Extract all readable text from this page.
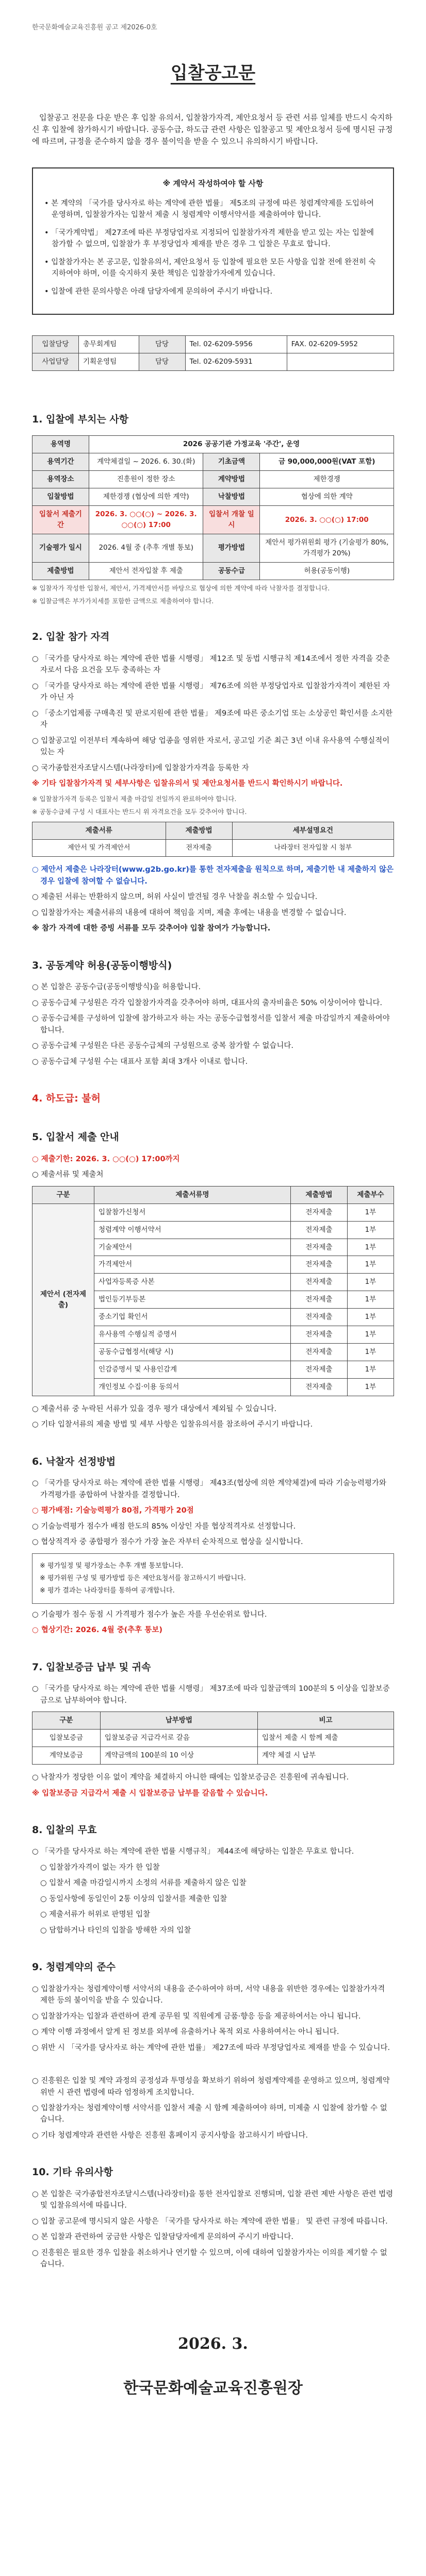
한국문화예술교육진흥원 공고 제2026-0호
입찰공고문
입찰공고 전문을 다운 받은 후 입찰 유의서, 입찰참가자격, 제안요청서 등 관련 서류 일체를 반드시 숙지하신 후 입찰에 참가하시기 바랍니다. 공동수급, 하도급 관련 사항은 입찰공고 및 제안요청서 등에 명시된 규정에 따르며, 규정을 준수하지 않을 경우 불이익을 받을 수 있으니 유의하시기 바랍니다.
※ 계약서 작성하여야 할 사항

• 본 계약의 「국가를 당사자로 하는 계약에 관한 법률」 제5조의 규정에 따른 청렴계약제를 도입하여 운영하며, 입찰참가자는 입찰서 제출 시 청렴계약 이행서약서를 제출하여야 합니다.

• 「국가계약법」 제27조에 따른 부정당업자로 지정되어 입찰참가자격 제한을 받고 있는 자는 입찰에 참가할 수 없으며, 입찰참가 후 부정당업자 제재를 받은 경우 그 입찰은 무효로 합니다.

• 입찰참가자는 본 공고문, 입찰유의서, 제안요청서 등 입찰에 필요한 모든 사항을 입찰 전에 완전히 숙지하여야 하며, 이를 숙지하지 못한 책임은 입찰참가자에게 있습니다.

• 입찰에 관한 문의사항은 아래 담당자에게 문의하여 주시기 바랍니다.

입찰담당	총무회계팀	담당	Tel. 02-6209-5956	FAX. 02-6209-5952
사업담당	기획운영팀	담당	Tel. 02-6209-5931	
1. 입찰에 부치는 사항
용역명	2026 공공기관 가정교육 '주간', 운영		
용역기간	계약체결일 ~ 2026. 6. 30.(화)	기초금액	금 90,000,000원(VAT 포함)
용역장소	진흥원이 정한 장소	계약방법	제한경쟁
입찰방법	제한경쟁 (협상에 의한 계약)	낙찰방법	협상에 의한 계약
입찰서 제출기간	2026. 3. ○○(○) ~ 2026. 3. ○○(○) 17:00	입찰서 개찰 일시	2026. 3. ○○(○) 17:00
기술평가 일시	2026. 4월 중 (추후 개별 통보)	평가방법	제안서 평가위원회 평가 (기술평가 80%, 가격평가 20%)
제출방법	제안서 전자입찰 후 제출	공동수급	허용(공동이행)
※ 입찰자가 작성한 입찰서, 제안서, 가격제안서를 바탕으로 협상에 의한 계약에 따라 낙찰자를 결정합니다.
※ 입찰금액은 부가가치세를 포함한 금액으로 제출하여야 합니다.
2. 입찰 참가 자격
○ 「국가를 당사자로 하는 계약에 관한 법률 시행령」 제12조 및 동법 시행규칙 제14조에서 정한 자격을 갖춘 자로서 다음 요건을 모두 충족하는 자
○ 「국가를 당사자로 하는 계약에 관한 법률 시행령」 제76조에 의한 부정당업자로 입찰참가자격이 제한된 자가 아닌 자
○ 「중소기업제품 구매촉진 및 판로지원에 관한 법률」 제9조에 따른 중소기업 또는 소상공인 확인서를 소지한 자
○ 입찰공고일 이전부터 계속하여 해당 업종을 영위한 자로서, 공고일 기준 최근 3년 이내 유사용역 수행실적이 있는 자
○ 국가종합전자조달시스템(나라장터)에 입찰참가자격을 등록한 자
※ 기타 입찰참가자격 및 세부사항은 입찰유의서 및 제안요청서를 반드시 확인하시기 바랍니다.
※ 입찰참가자격 등록은 입찰서 제출 마감일 전일까지 완료하여야 합니다.
※ 공동수급체 구성 시 대표사는 반드시 위 자격요건을 모두 갖추어야 합니다.
제출서류	제출방법	세부설명요건
제안서 및 가격제안서	전자제출	나라장터 전자입찰 시 첨부
○ 제안서 제출은 나라장터(www.g2b.go.kr)를 통한 전자제출을 원칙으로 하며, 제출기한 내 제출하지 않은 경우 입찰에 참여할 수 없습니다.
○ 제출된 서류는 반환하지 않으며, 허위 사실이 발견될 경우 낙찰을 취소할 수 있습니다.
○ 입찰참가자는 제출서류의 내용에 대하여 책임을 지며, 제출 후에는 내용을 변경할 수 없습니다.
※ 참가 자격에 대한 증빙 서류를 모두 갖추어야 입찰 참여가 가능합니다.
3. 공동계약 허용(공동이행방식)
○ 본 입찰은 공동수급(공동이행방식)을 허용합니다.
○ 공동수급체 구성원은 각각 입찰참가자격을 갖추어야 하며, 대표사의 출자비율은 50% 이상이어야 합니다.
○ 공동수급체를 구성하여 입찰에 참가하고자 하는 자는 공동수급협정서를 입찰서 제출 마감일까지 제출하여야 합니다.
○ 공동수급체 구성원은 다른 공동수급체의 구성원으로 중복 참가할 수 없습니다.
○ 공동수급체 구성원 수는 대표사 포함 최대 3개사 이내로 합니다.
4. 하도급: 불허
5. 입찰서 제출 안내
○ 제출기한: 2026. 3. ○○(○) 17:00까지
○ 제출서류 및 제출처
구분	제출서류명	제출방법	제출부수
제안서 (전자제출)	입찰참가신청서	전자제출	1부
	청렴계약 이행서약서	전자제출	1부
	기술제안서	전자제출	1부
	가격제안서	전자제출	1부
	사업자등록증 사본	전자제출	1부
	법인등기부등본	전자제출	1부
	중소기업 확인서	전자제출	1부
	유사용역 수행실적 증명서	전자제출	1부
	공동수급협정서(해당 시)	전자제출	1부
	인감증명서 및 사용인감계	전자제출	1부
	개인정보 수집·이용 동의서	전자제출	1부
○ 제출서류 중 누락된 서류가 있을 경우 평가 대상에서 제외될 수 있습니다.
○ 기타 입찰서류의 제출 방법 및 세부 사항은 입찰유의서를 참조하여 주시기 바랍니다.
6. 낙찰자 선정방법
○ 「국가를 당사자로 하는 계약에 관한 법률 시행령」 제43조(협상에 의한 계약체결)에 따라 기술능력평가와 가격평가를 종합하여 낙찰자를 결정합니다.
○ 평가배점: 기술능력평가 80점, 가격평가 20점
○ 기술능력평가 점수가 배점 한도의 85% 이상인 자를 협상적격자로 선정합니다.
○ 협상적격자 중 종합평가 점수가 가장 높은 자부터 순차적으로 협상을 실시합니다.

※ 평가일정 및 평가장소는 추후 개별 통보합니다.

※ 평가위원 구성 및 평가방법 등은 제안요청서를 참고하시기 바랍니다.

※ 평가 결과는 나라장터를 통하여 공개합니다.

○ 기술평가 점수 동점 시 가격평가 점수가 높은 자를 우선순위로 합니다.
○ 협상기간: 2026. 4월 중(추후 통보)
7. 입찰보증금 납부 및 귀속
○ 「국가를 당사자로 하는 계약에 관한 법률 시행령」 제37조에 따라 입찰금액의 100분의 5 이상을 입찰보증금으로 납부하여야 합니다.
구분	납부방법	비고
입찰보증금	입찰보증금 지급각서로 갈음	입찰서 제출 시 함께 제출
계약보증금	계약금액의 100분의 10 이상	계약 체결 시 납부
○ 낙찰자가 정당한 이유 없이 계약을 체결하지 아니한 때에는 입찰보증금은 진흥원에 귀속됩니다.
※ 입찰보증금 지급각서 제출 시 입찰보증금 납부를 갈음할 수 있습니다.
8. 입찰의 무효
○ 「국가를 당사자로 하는 계약에 관한 법률 시행규칙」 제44조에 해당하는 입찰은 무효로 합니다.
○ 입찰참가자격이 없는 자가 한 입찰
○ 입찰서 제출 마감일시까지 소정의 서류를 제출하지 않은 입찰
○ 동일사항에 동일인이 2통 이상의 입찰서를 제출한 입찰
○ 제출서류가 허위로 판명된 입찰
○ 담합하거나 타인의 입찰을 방해한 자의 입찰
9. 청렴계약의 준수
○ 입찰참가자는 청렴계약이행 서약서의 내용을 준수하여야 하며, 서약 내용을 위반한 경우에는 입찰참가자격 제한 등의 불이익을 받을 수 있습니다.
○ 입찰참가자는 입찰과 관련하여 관계 공무원 및 직원에게 금품·향응 등을 제공하여서는 아니 됩니다.
○ 계약 이행 과정에서 알게 된 정보를 외부에 유출하거나 목적 외로 사용하여서는 아니 됩니다.
○ 위반 시 「국가를 당사자로 하는 계약에 관한 법률」 제27조에 따라 부정당업자로 제재를 받을 수 있습니다.
○ 진흥원은 입찰 및 계약 과정의 공정성과 투명성을 확보하기 위하여 청렴계약제를 운영하고 있으며, 청렴계약 위반 시 관련 법령에 따라 엄정하게 조치합니다.
○ 입찰참가자는 청렴계약이행 서약서를 입찰서 제출 시 함께 제출하여야 하며, 미제출 시 입찰에 참가할 수 없습니다.
○ 기타 청렴계약과 관련한 사항은 진흥원 홈페이지 공지사항을 참고하시기 바랍니다.
10. 기타 유의사항
○ 본 입찰은 국가종합전자조달시스템(나라장터)을 통한 전자입찰로 진행되며, 입찰 관련 제반 사항은 관련 법령 및 입찰유의서에 따릅니다.
○ 입찰 공고문에 명시되지 않은 사항은 「국가를 당사자로 하는 계약에 관한 법률」 및 관련 규정에 따릅니다.
○ 본 입찰과 관련하여 궁금한 사항은 입찰담당자에게 문의하여 주시기 바랍니다.
○ 진흥원은 필요한 경우 입찰을 취소하거나 연기할 수 있으며, 이에 대하여 입찰참가자는 이의를 제기할 수 없습니다.
2026. 3.
한국문화예술교육진흥원장
